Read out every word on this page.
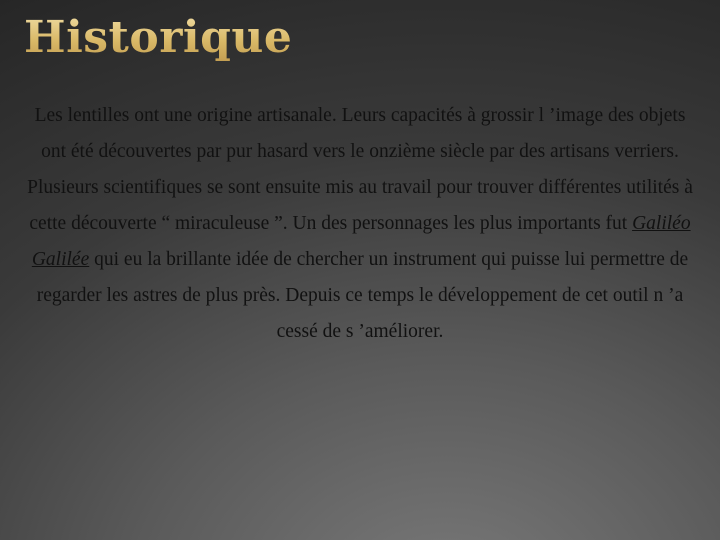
Historique

Les lentilles ont une origine artisanale. Leurs capacités à grossir l ’image des objets ont été découvertes par pur hasard vers le onzième siècle par des artisans verriers. Plusieurs scientifiques se sont ensuite mis au travail pour trouver différentes utilités à cette découverte “ miraculeuse ”. Un des personnages les plus importants fut Galiléo Galilée qui eu la brillante idée de chercher un instrument qui puisse lui permettre de regarder les astres de plus près. Depuis ce temps le développement de cet outil n ’a cessé de s ’améliorer.
